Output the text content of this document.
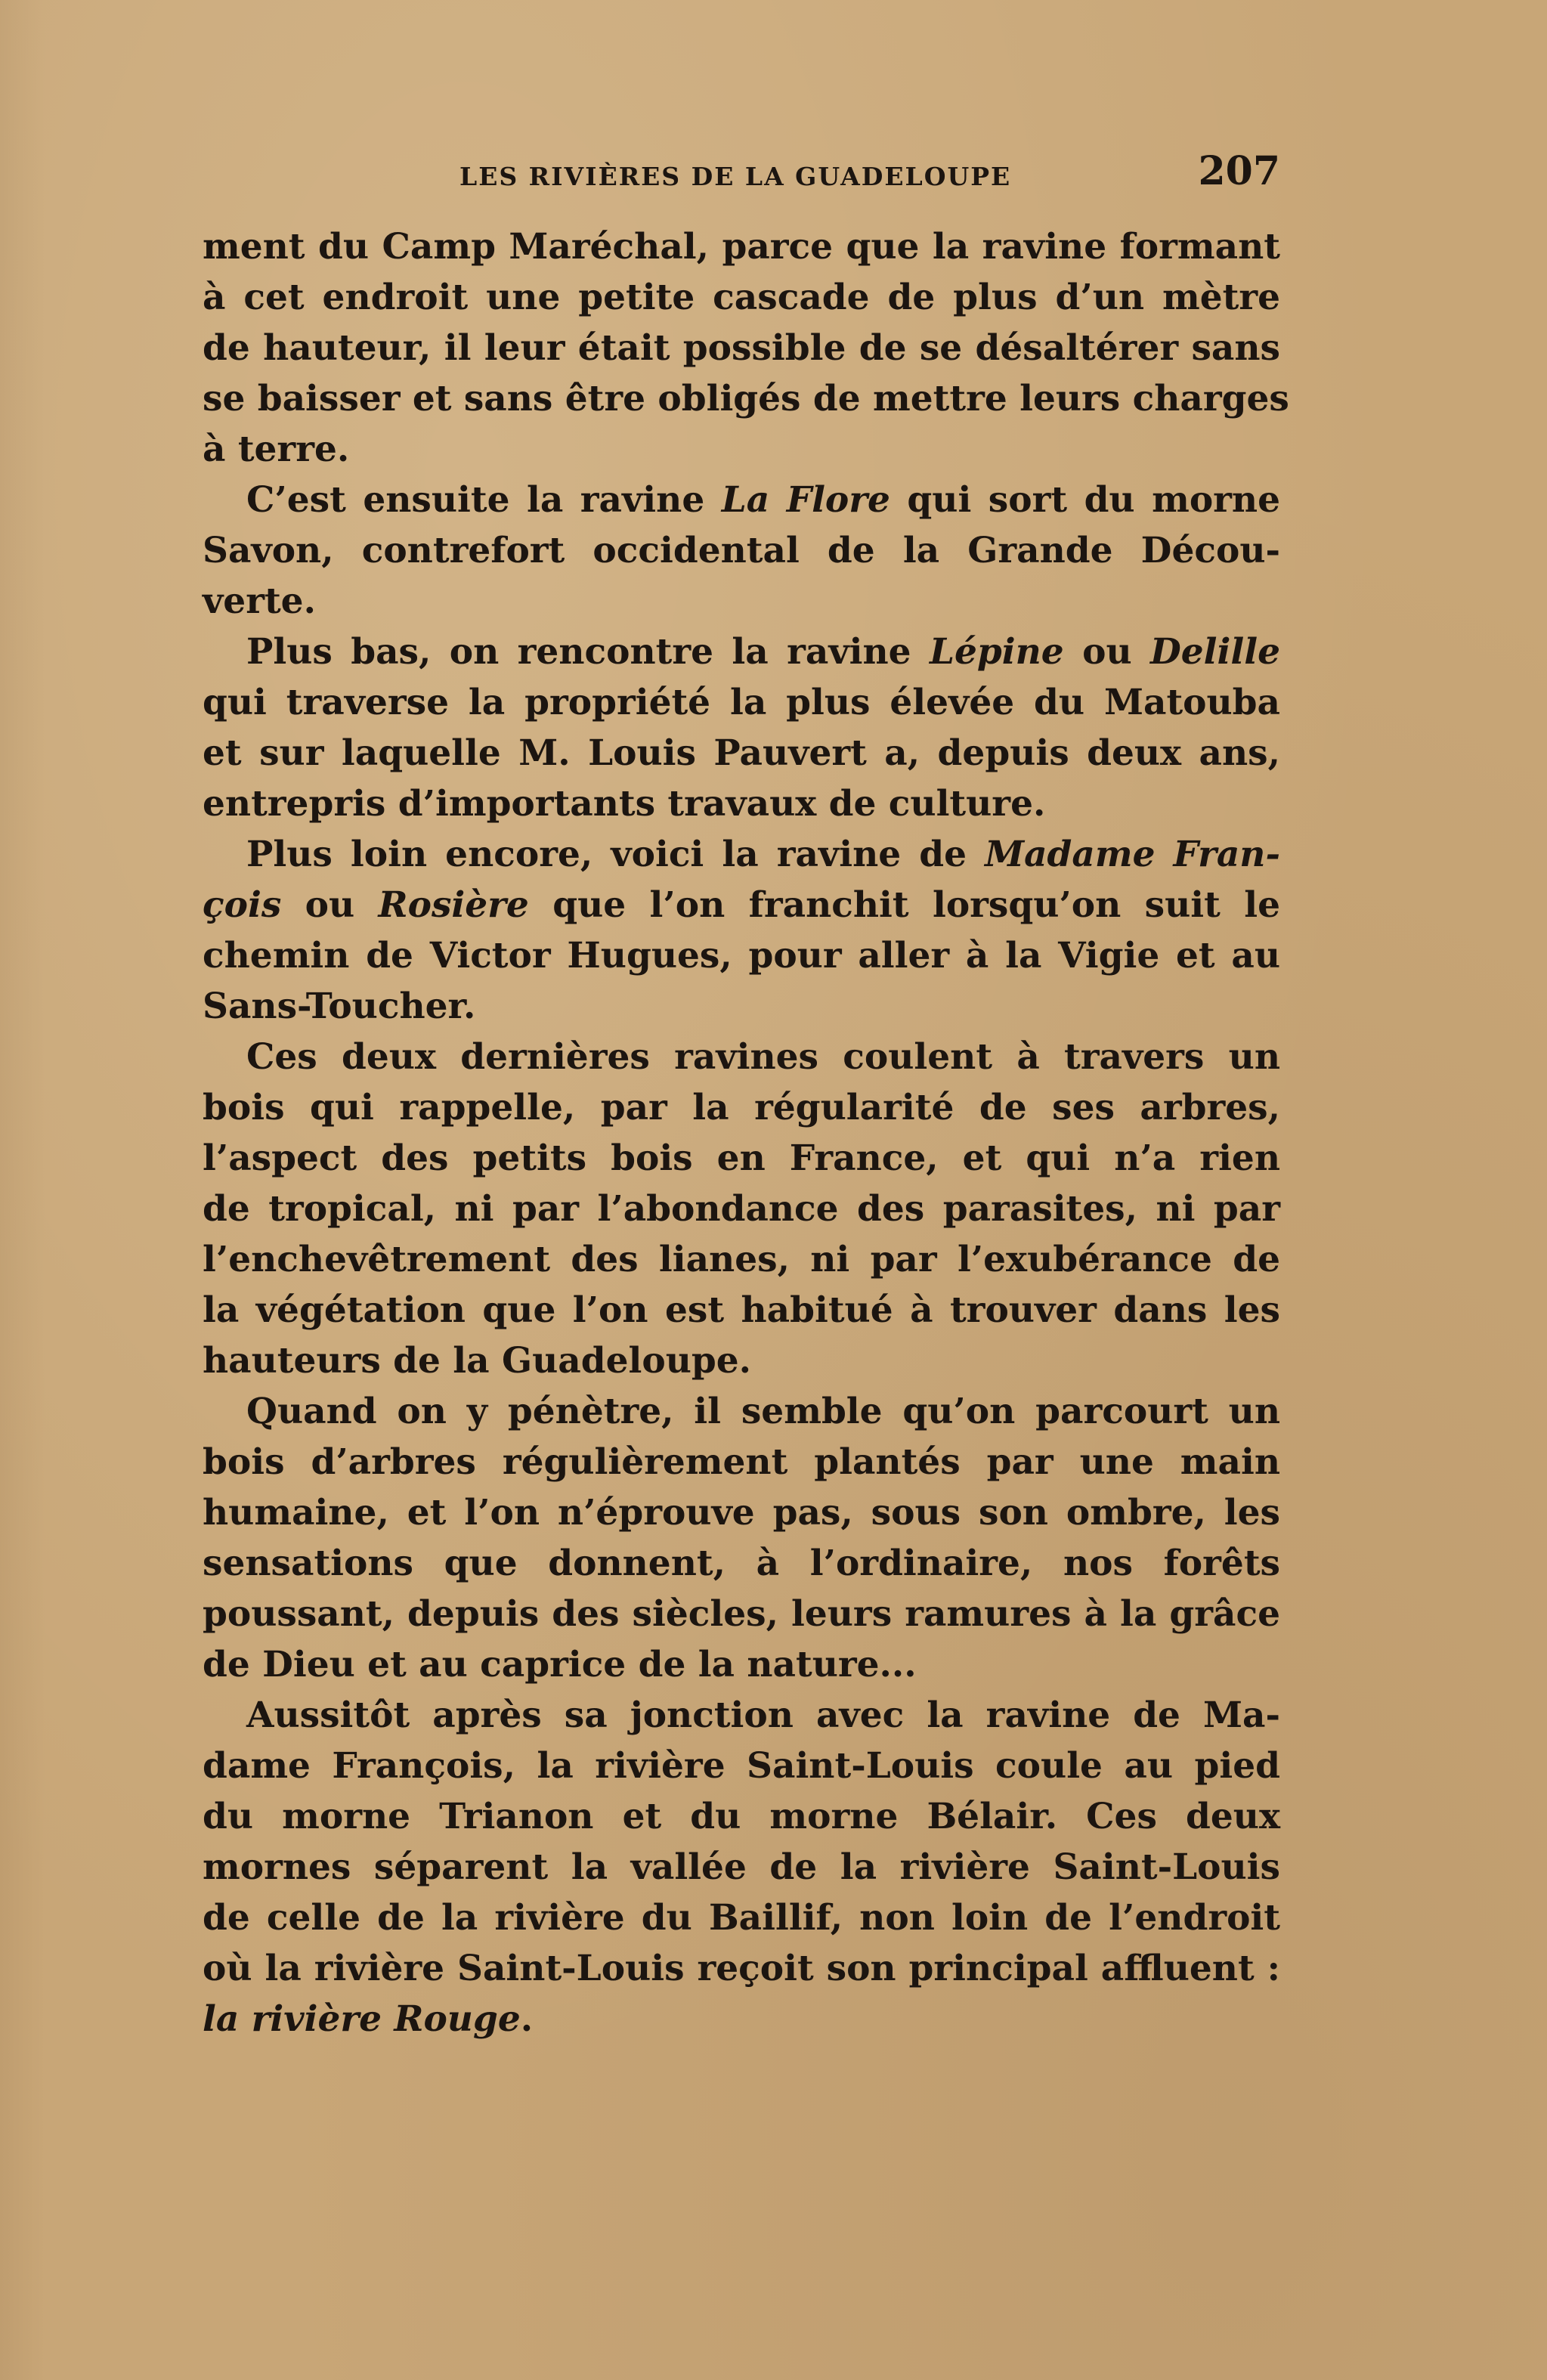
LES RIVIÈRES DE LA GUADELOUPE	207
ment du Camp Maréchal, parce que la ravine formant
à cet endroit une petite cascade de plus d’un mètre
de hauteur, il leur était possible de se désaltérer sans
se baisser et sans être obligés de mettre leurs charges
à terre.
C’est ensuite la ravine La Flore qui sort du morne
Savon, contrefort occidental de la Grande Décou-
verte.
Plus bas, on rencontre la ravine Lépine ou Delille
qui traverse la propriété la plus élevée du Matouba
et sur laquelle M. Louis Pauvert a, depuis deux ans,
entrepris d’importants travaux de culture.
Plus loin encore, voici la ravine de Madame Fran-
çois ou Rosière que l’on franchit lorsqu’on suit le
chemin de Victor Hugues, pour aller à la Vigie et au
Sans-Toucher.
Ces deux dernières ravines coulent à travers un
bois qui rappelle, par la régularité de ses arbres,
l’aspect des petits bois en France, et qui n’a rien
de tropical, ni par l’abondance des parasites, ni par
l’enchevêtrement des lianes, ni par l’exubérance de
la végétation que l’on est habitué à trouver dans les
hauteurs de la Guadeloupe.
Quand on y pénètre, il semble qu’on parcourt un
bois d’arbres régulièrement plantés par une main
humaine, et l’on n’éprouve pas, sous son ombre, les
sensations que donnent, à l’ordinaire, nos forêts
poussant, depuis des siècles, leurs ramures à la grâce
de Dieu et au caprice de la nature...
Aussitôt après sa jonction avec la ravine de Ma-
dame François, la rivière Saint-Louis coule au pied
du morne Trianon et du morne Bélair. Ces deux
mornes séparent la vallée de la rivière Saint-Louis
de celle de la rivière du Baillif, non loin de l’endroit
où la rivière Saint-Louis reçoit son principal affluent :
la rivière Rouge.
